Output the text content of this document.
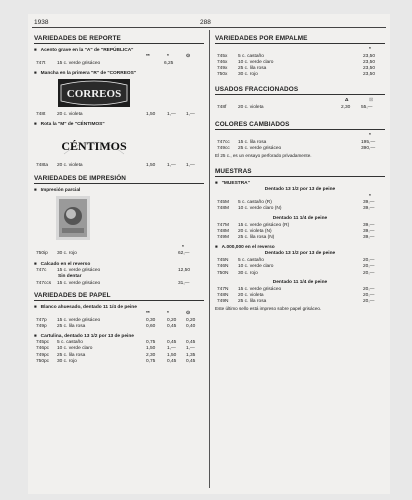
1938	288
VARIEDADES DE REPORTE
■ Acento grave en la "A" de "REPÚBLICA"
**	*	⊙
747t 15 c. verde grisáceo	6,25
■ Mancha en la primera "R" de "CORREOS"
CORREOS
748t 20 c. violeta	1,50 1,— 1,—
■ Rota la "M" de "CÉNTIMOS"
CÉNTIMOS
748ta 20 c. violeta	1,50 1,— 1,—
VARIEDADES DE IMPRESIÓN
■ Impresión parcial
*
750ip 30 c. rojo	62,—
■ Calcado en el reverso
747c 15 c. verde grisáceo	12,50
Sin dentar
747ccs 15 c. verde grisáceo	31,—
VARIEDADES DE PAPEL
■ Blanco ahuesado, dentado 11 1/4 de peine
**	*	⊙
747p 15 c. verde grisáceo	0,30 0,20 0,20
749p 25 c. lila rosa	0,60 0,45 0,40
■ Cartulina, dentado 13 1/2 por 13 de peine
745pc 5 c. castaño	0,75 0,45 0,45
746pc 10 c. verde claro	1,50 1,— 1,—
749pc 25 c. lila rosa	2,30 1,50 1,35
750pc 30 c. rojo	0,75 0,45 0,45
VARIEDADES POR EMPALME
*
745x 5 c. castaño	23,50
746x 10 c. verde claro	23,50
749x 25 c. lila rosa	23,50
750x 30 c. rojo	23,50
USADOS FRACCIONADOS
Δ	⊠
748f 20 c. violeta	2,30 55,—
COLORES CAMBIADOS
*
747cc 15 c. lila rosa	195,—
749cc 25 c. verde grisáceo	390,—
El 25 c., es un ensayo perforado privadamente.
MUESTRAS
■ "MUESTRA"
Dentado 13 1/2 por 13 de peine
*
745M 5 c. castaño (R)	39,—
748M 10 c. verde claro (N)	39,—
Dentado 11 1/4 de peine
747M 15 c. verde grisáceo (R)	39,—
748M 20 c. violeta (N)	39,—
749M 25 c. lila rosa (N)	39,—
■ A.000,000 en el reverso
Dentado 13 1/2 por 13 de peine
745N 5 c. castaño	20,—
746N 10 c. verde claro	20,—
750N 30 c. rojo	20,—
Dentado 11 1/4 de peine
747N 15 c. verde grisáceo	20,—
748N 20 c. violeta	20,—
749N 25 c. lila rosa	20,—
Este último sello está impreso sobre papel grisáceo.
